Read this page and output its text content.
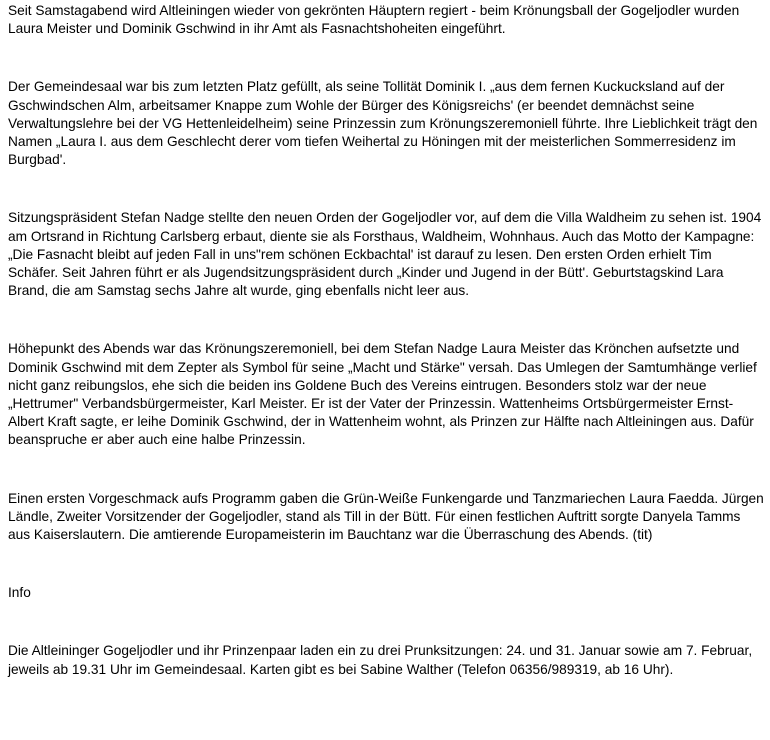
Seit Samstagabend wird Altleiningen wieder von gekrönten Häuptern regiert - beim Krönungsball der Gogeljodler wurden Laura Meister und Dominik Gschwind in ihr Amt als Fasnachtshoheiten eingeführt.

Der Gemeindesaal war bis zum letzten Platz gefüllt, als seine Tollität Dominik I. „aus dem fernen Kuckucksland auf der Gschwindschen Alm, arbeitsamer Knappe zum Wohle der Bürger des Königsreichs' (er beendet demnächst seine Verwaltungslehre bei der VG Hettenleidelheim) seine Prinzessin zum Krönungszeremoniell führte. Ihre Lieblichkeit trägt den Namen „Laura I. aus dem Geschlecht derer vom tiefen Weihertal zu Höningen mit der meisterlichen Sommerresidenz im Burgbad'.

Sitzungspräsident Stefan Nadge stellte den neuen Orden der Gogeljodler vor, auf dem die Villa Waldheim zu sehen ist. 1904 am Ortsrand in Richtung Carlsberg erbaut, diente sie als Forsthaus, Waldheim, Wohnhaus. Auch das Motto der Kampagne: „Die Fasnacht bleibt auf jeden Fall in uns"rem schönen Eckbachtal' ist darauf zu lesen. Den ersten Orden erhielt Tim Schäfer. Seit Jahren führt er als Jugendsitzungspräsident durch „Kinder und Jugend in der Bütt'. Geburtstagskind Lara Brand, die am Samstag sechs Jahre alt wurde, ging ebenfalls nicht leer aus.

Höhepunkt des Abends war das Krönungszeremoniell, bei dem Stefan Nadge Laura Meister das Krönchen aufsetzte und Dominik Gschwind mit dem Zepter als Symbol für seine „Macht und Stärke" versah. Das Umlegen der Samtumhänge verlief nicht ganz reibungslos, ehe sich die beiden ins Goldene Buch des Vereins eintrugen. Besonders stolz war der neue „Hettrumer" Verbandsbürgermeister, Karl Meister. Er ist der Vater der Prinzessin. Wattenheims Ortsbürgermeister Ernst-Albert Kraft sagte, er leihe Dominik Gschwind, der in Wattenheim wohnt, als Prinzen zur Hälfte nach Altleiningen aus. Dafür beanspruche er aber auch eine halbe Prinzessin.

Einen ersten Vorgeschmack aufs Programm gaben die Grün-Weiße Funkengarde und Tanzmariechen Laura Faedda. Jürgen Ländle, Zweiter Vorsitzender der Gogeljodler, stand als Till in der Bütt. Für einen festlichen Auftritt sorgte Danyela Tamms aus Kaiserslautern. Die amtierende Europameisterin im Bauchtanz war die Überraschung des Abends. (tit)

Info

Die Altleininger Gogeljodler und ihr Prinzenpaar laden ein zu drei Prunksitzungen: 24. und 31. Januar sowie am 7. Februar, jeweils ab 19.31 Uhr im Gemeindesaal. Karten gibt es bei Sabine Walther (Telefon 06356/989319, ab 16 Uhr).
